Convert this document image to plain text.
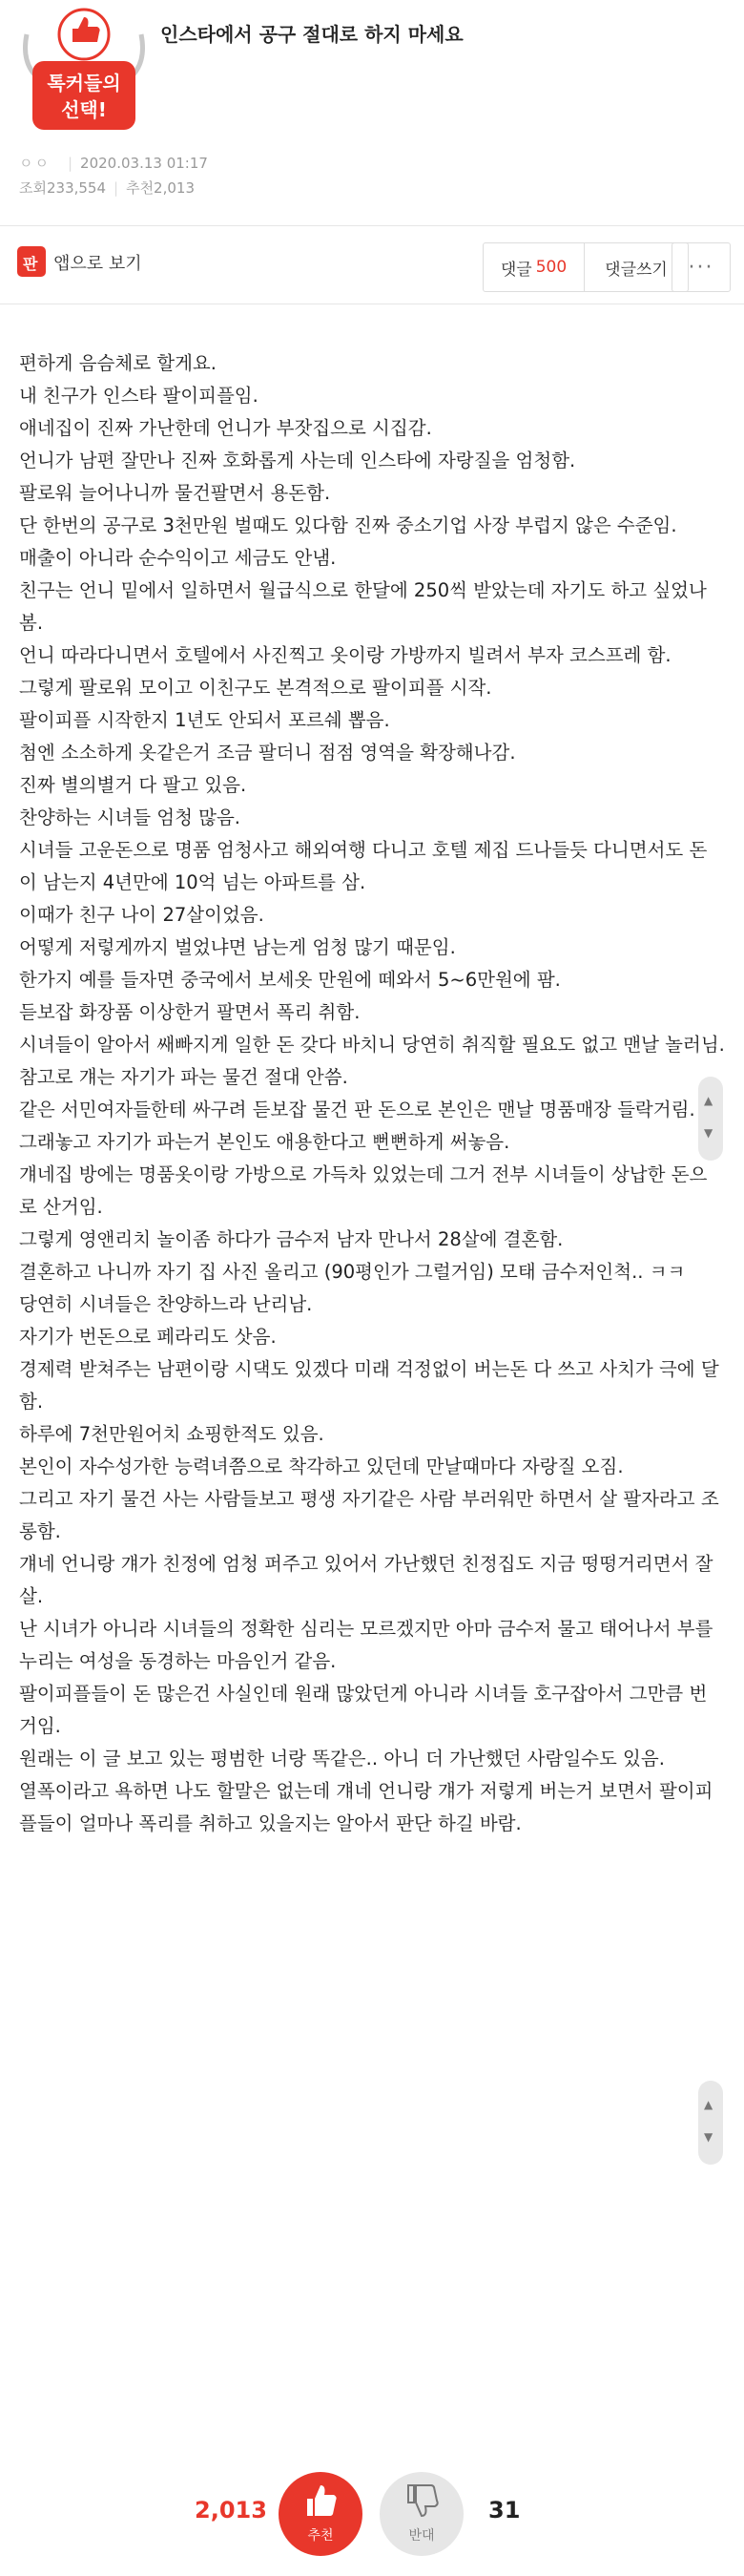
톡커들의
선택!
인스타에서 공구 절대로 하지 마세요
ㅇㅇ | 2020.03.13 01:17
조회233,554 | 추천2,013
판 앱으로 보기	댓글 500	댓글쓰기 ···

편하게 음슴체로 할게요.

내 친구가 인스타 팔이피플임.

애네집이 진짜 가난한데 언니가 부잣집으로 시집감.

언니가 남편 잘만나 진짜 호화롭게 사는데 인스타에 자랑질을 엄청함.

팔로워 늘어나니까 물건팔면서 용돈함.

단 한번의 공구로 3천만원 벌때도 있다함 진짜 중소기업 사장 부럽지 않은 수준임.

매출이 아니라 순수익이고 세금도 안냄.

친구는 언니 밑에서 일하면서 월급식으로 한달에 250씩 받았는데 자기도 하고 싶었나봄.

언니 따라다니면서 호텔에서 사진찍고 옷이랑 가방까지 빌려서 부자 코스프레 함.

그렇게 팔로워 모이고 이친구도 본격적으로 팔이피플 시작.

팔이피플 시작한지 1년도 안되서 포르쉐 뽑음.

첨엔 소소하게 옷같은거 조금 팔더니 점점 영역을 확장해나감.

진짜 별의별거 다 팔고 있음.

찬양하는 시녀들 엄청 많음.

시녀들 고운돈으로 명품 엄청사고 해외여행 다니고 호텔 제집 드나들듯 다니면서도 돈이 남는지 4년만에 10억 넘는 아파트를 삼.

이때가 친구 나이 27살이었음.

어떻게 저렇게까지 벌었냐면 남는게 엄청 많기 때문임.

한가지 예를 들자면 중국에서 보세옷 만원에 떼와서 5~6만원에 팜.

듣보잡 화장품 이상한거 팔면서 폭리 취함.

시녀들이 알아서 쌔빠지게 일한 돈 갖다 바치니 당연히 취직할 필요도 없고 맨날 놀러님.

참고로 걔는 자기가 파는 물건 절대 안씀.

같은 서민여자들한테 싸구려 듣보잡 물건 판 돈으로 본인은 맨날 명품매장 들락거림.

그래놓고 자기가 파는거 본인도 애용한다고 뻔뻔하게 써놓음.

걔네집 방에는 명품옷이랑 가방으로 가득차 있었는데 그거 전부 시녀들이 상납한 돈으로 산거임.

그렇게 영앤리치 놀이좀 하다가 금수저 남자 만나서 28살에 결혼함.

결혼하고 나니까 자기 집 사진 올리고 (90평인가 그럴거임) 모태 금수저인척.. ㅋㅋ

당연히 시녀들은 찬양하느라 난리남.

자기가 번돈으로 페라리도 삿음.

경제력 받쳐주는 남편이랑 시댁도 있겠다 미래 걱정없이 버는돈 다 쓰고 사치가 극에 달함.

하루에 7천만원어치 쇼핑한적도 있음.

본인이 자수성가한 능력녀쯤으로 착각하고 있던데 만날때마다 자랑질 오짐.

그리고 자기 물건 사는 사람들보고 평생 자기같은 사람 부러워만 하면서 살 팔자라고 조롱함.

걔네 언니랑 걔가 친정에 엄청 퍼주고 있어서 가난했던 친정집도 지금 떵떵거리면서 잘살.

난 시녀가 아니라 시녀들의 정확한 심리는 모르겠지만 아마 금수저 물고 태어나서 부를 누리는 여성을 동경하는 마음인거 같음.

팔이피플들이 돈 많은건 사실인데 원래 많았던게 아니라 시녀들 호구잡아서 그만큼 번거임.

원래는 이 글 보고 있는 평범한 너랑 똑같은.. 아니 더 가난했던 사람일수도 있음.

열폭이라고 욕하면 나도 할말은 없는데 걔네 언니랑 걔가 저렇게 버는거 보면서 팔이피플들이 얼마나 폭리를 취하고 있을지는 알아서 판단 하길 바람.

▲
▼
▲
▼
2,013
추천	반대
31
